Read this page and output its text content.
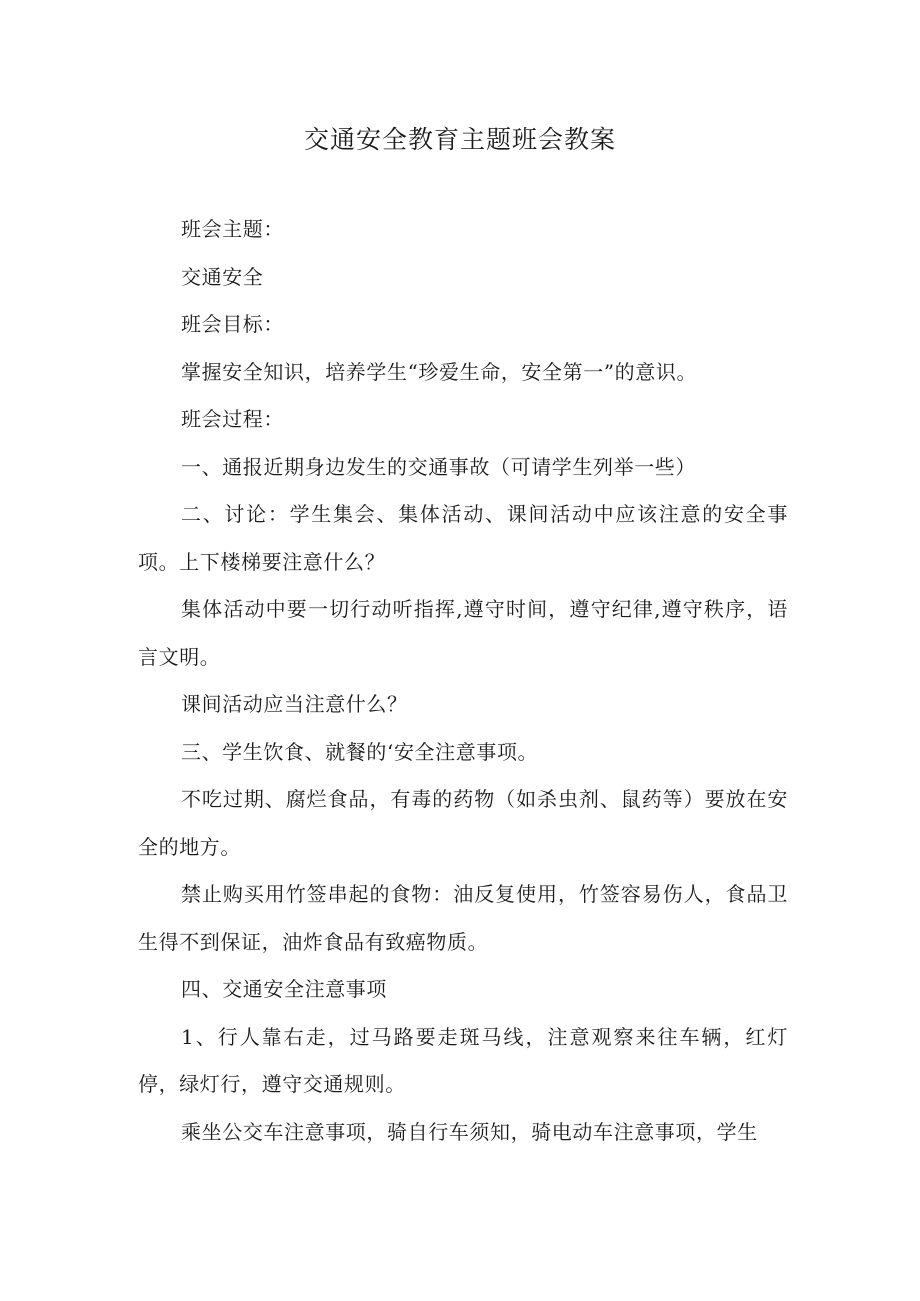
交通安全教育主题班会教案

班会主题：

交通安全

班会目标：

掌握安全知识，培养学生“珍爱生命，安全第一”的意识。

班会过程：

一、通报近期身边发生的交通事故（可请学生列举一些）

二、讨论：学生集会、集体活动、课间活动中应该注意的安全事项。上下楼梯要注意什么？

集体活动中要一切行动听指挥,遵守时间，遵守纪律,遵守秩序，语言文明。

课间活动应当注意什么？

三、学生饮食、就餐的‘安全注意事项。

不吃过期、腐烂食品，有毒的药物（如杀虫剂、鼠药等）要放在安全的地方。

禁止购买用竹签串起的食物：油反复使用，竹签容易伤人，食品卫生得不到保证，油炸食品有致癌物质。

四、交通安全注意事项

1、行人靠右走，过马路要走斑马线，注意观察来往车辆，红灯停，绿灯行，遵守交通规则。

乘坐公交车注意事项，骑自行车须知，骑电动车注意事项，学生
